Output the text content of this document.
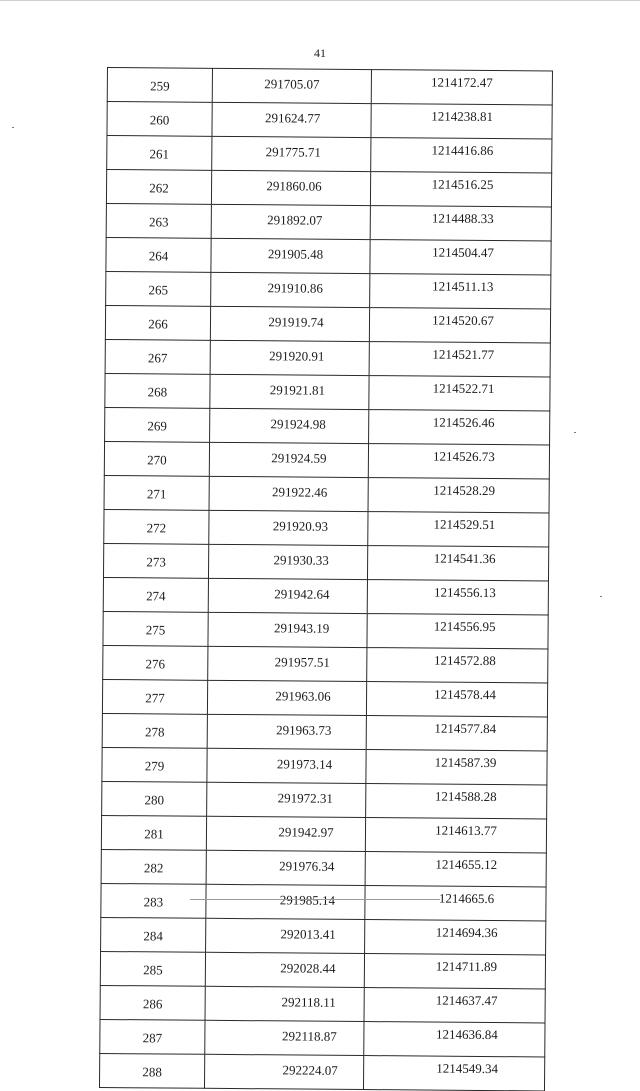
41
259	291705.07	1214172.47
260	291624.77	1214238.81
261	291775.71	1214416.86
262	291860.06	1214516.25
263	291892.07	1214488.33
264	291905.48	1214504.47
265	291910.86	1214511.13
266	291919.74	1214520.67
267	291920.91	1214521.77
268	291921.81	1214522.71
269	291924.98	1214526.46
270	291924.59	1214526.73
271	291922.46	1214528.29
272	291920.93	1214529.51
273	291930.33	1214541.36
274	291942.64	1214556.13
275	291943.19	1214556.95
276	291957.51	1214572.88
277	291963.06	1214578.44
278	291963.73	1214577.84
279	291973.14	1214587.39
280	291972.31	1214588.28
281	291942.97	1214613.77
282	291976.34	1214655.12
283	291985.14	1214665.6
284	292013.41	1214694.36
285	292028.44	1214711.89
286	292118.11	1214637.47
287	292118.87	1214636.84
288	292224.07	1214549.34
